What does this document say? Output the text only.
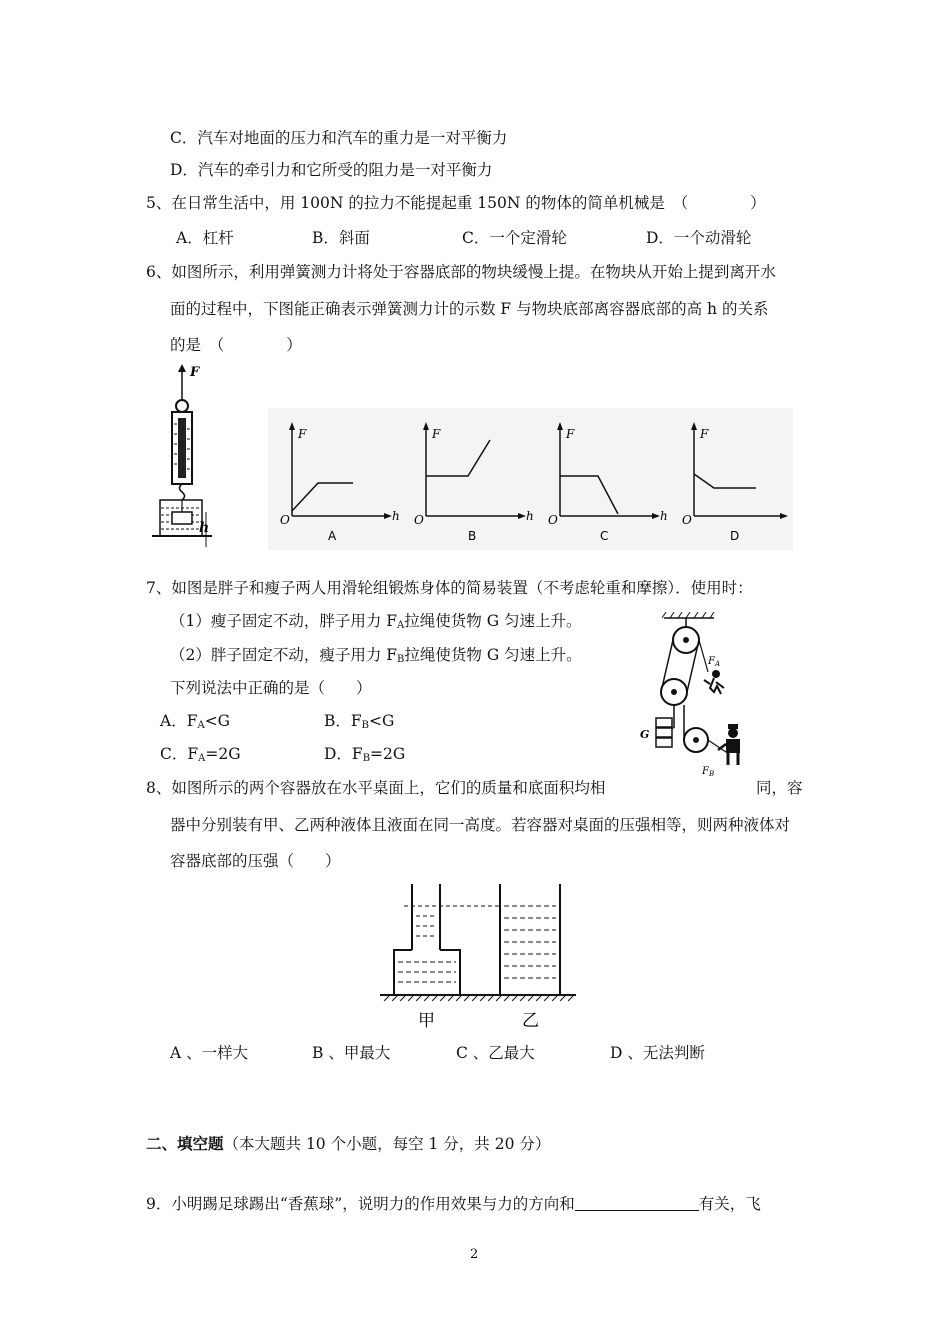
C．汽车对地面的压力和汽车的重力是一对平衡力
D．汽车的牵引力和它所受的阻力是一对平衡力
5、在日常生活中，用 100N 的拉力不能提起重 150N 的物体的简单机械是　（　　　　）
A．杠杆	B．斜面	C．一个定滑轮	D．一个动滑轮
6、如图所示，利用弹簧测力计将处于容器底部的物块缓慢上提。在物块从开始上提到离开水
面的过程中，下图能正确表示弹簧测力计的示数 F 与物块底部离容器底部的高 h 的关系
的是　（　　　　）
F
h
F
O	h
A
F
O	h
B
F
O	h
C
F
O
D
7、如图是胖子和瘦子两人用滑轮组锻炼身体的简易装置（不考虑轮重和摩擦）．使用时：
（1）瘦子固定不动，胖子用力 $F_A$拉绳使货物 G 匀速上升。
（2）胖子固定不动，瘦子用力 $F_B$拉绳使货物 G 匀速上升。
下列说法中正确的是（　　）
A．$F_A<G$	B．$F_B<G$
C．$F_A=2G$	D．$F_B=2G$
G
$F_A$
$F_B$
8、如图所示的两个容器放在水平桌面上，它们的质量和底面积均相	同，容
器中分别装有甲、乙两种液体且液面在同一高度。若容器对桌面的压强相等，则两种液体对
容器底部的压强（　　）
甲	乙
A 、一样大	B 、甲最大	C 、乙最大	D 、无法判断
二、填空题（本大题共 10 个小题，每空 1 分，共 20 分）
9．小明踢足球踢出“香蕉球”，说明力的作用效果与力的方向和	有关，飞
2
